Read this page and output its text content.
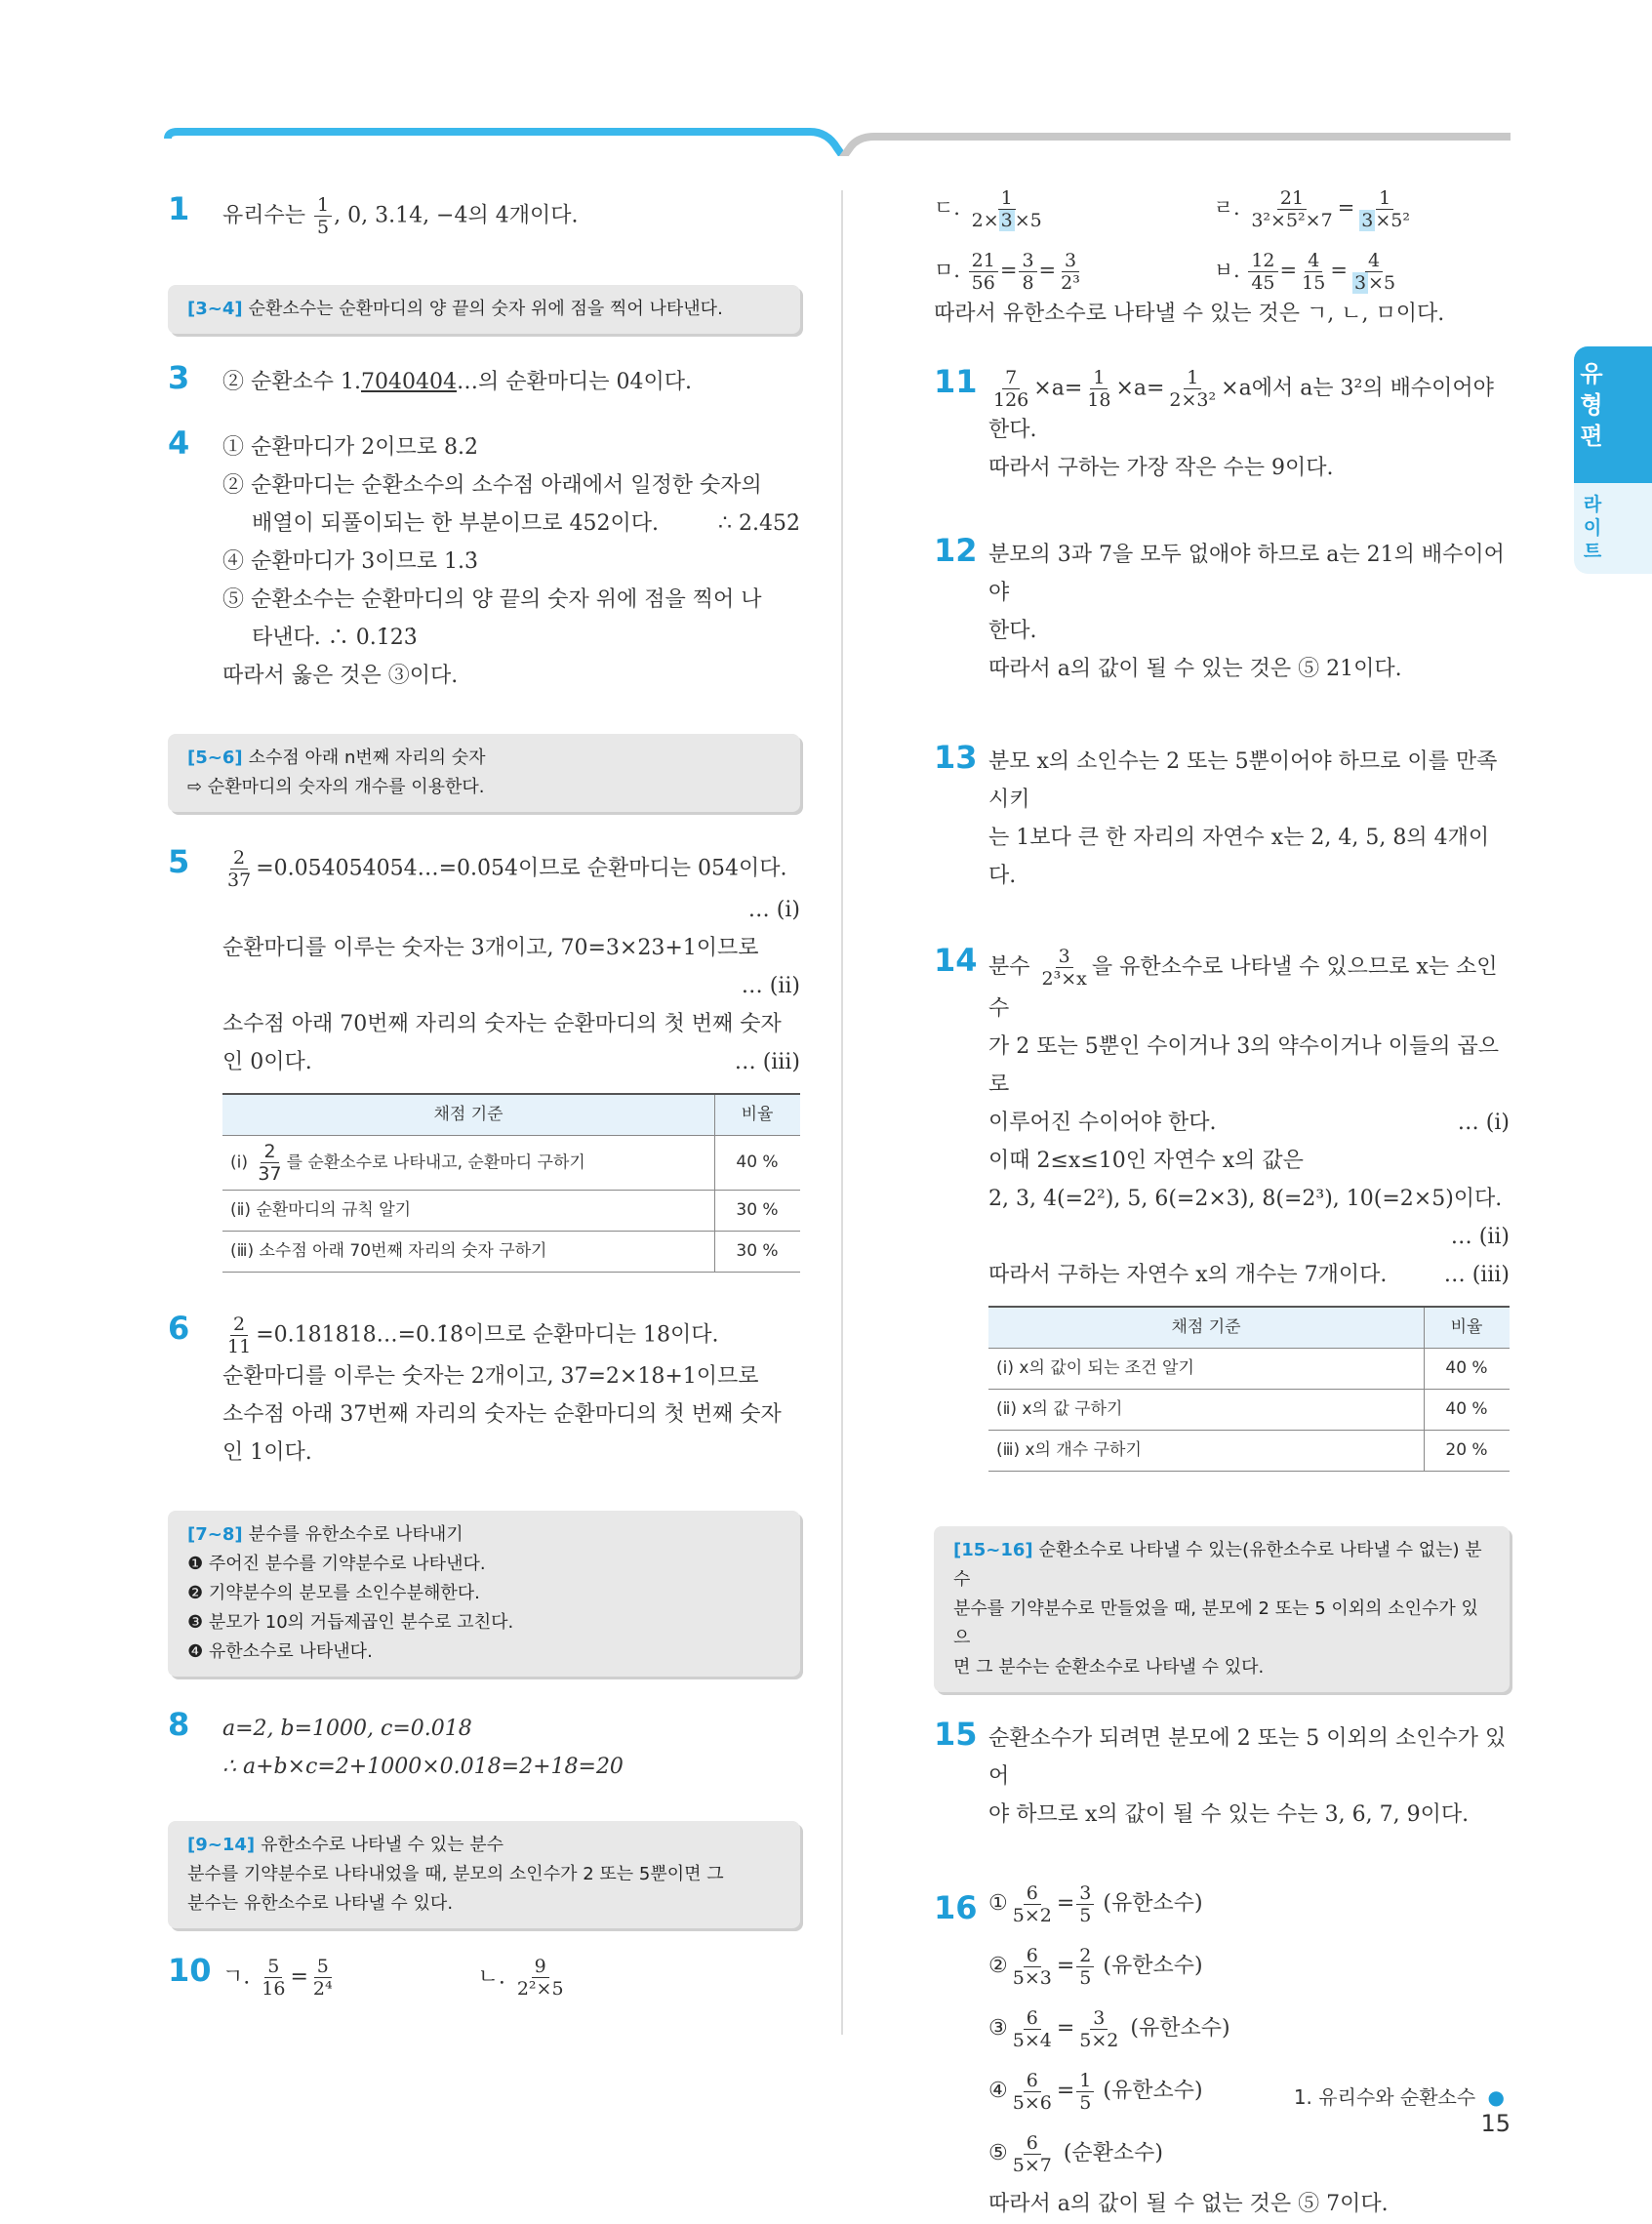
유형편
라이트
1 유리수는 $\frac{1}{5}$ , 0, 3.14, −4의 4개이다.
[3~4] 순환소수는 순환마디의 양 끝의 숫자 위에 점을 찍어 나타낸다.
3 ② 순환소수 1.7040404…의 순환마디는 04이다.
4 ① 순환마디가 2이므로 8.2̇
② 순환마디는 순환소수의 소수점 아래에서 일정한 숫자의
배열이 되풀이되는 한 부분이므로 452이다.	∴ 2.4̇52̇
④ 순환마디가 3이므로 1.3̇
⑤ 순환소수는 순환마디의 양 끝의 숫자 위에 점을 찍어 나
타낸다. ∴ 0.1̇23̇
따라서 옳은 것은 ③이다.
[5~6] 소수점 아래 n번째 자리의 숫자
⇨ 순환마디의 숫자의 개수를 이용한다.
$5 \frac{2}{37}$ =0.054054054…=0.0̇54̇이므로 순환마디는 054이다.
… (ⅰ)
순환마디를 이루는 숫자는 3개이고, 70=3×23+1이므로
… (ⅱ)
소수점 아래 70번째 자리의 숫자는 순환마디의 첫 번째 숫자
인 0이다.	… (ⅲ)
채점 기준	비율
(ⅰ) $\frac{2}{37}$ 를 순환소수로 나타내고, 순환마디 구하기	40 %
(ⅱ) 순환마디의 규칙 알기	30 %
(ⅲ) 소수점 아래 70번째 자리의 숫자 구하기	30 %
$6 \frac{2}{11}$ =0.181818…=0.1̇8̇이므로 순환마디는 18이다.
순환마디를 이루는 숫자는 2개이고, 37=2×18+1이므로
소수점 아래 37번째 자리의 숫자는 순환마디의 첫 번째 숫자
인 1이다.
[7~8] 분수를 유한소수로 나타내기
❶ 주어진 분수를 기약분수로 나타낸다.
❷ 기약분수의 분모를 소인수분해한다.
❸ 분모가 10의 거듭제곱인 분수로 고친다.
❹ 유한소수로 나타낸다.
8 a=2, b=1000, c=0.018
∴ a+b×c=2+1000×0.018=2+18=20
[9~14] 유한소수로 나타낼 수 있는 분수
분수를 기약분수로 나타내었을 때, 분모의 소인수가 2 또는 5뿐이면 그
분수는 유한소수로 나타낼 수 있다.
10 ㄱ. $\frac{5}{16} = \frac{5}{\text{2⁴}}$	ㄴ. $\frac{9}{\text{2²×5}}$
ㄷ. $\frac{1}{2\times 3 \times 5}$	ㄹ. $\frac{21}{\text{3²×5²×7}} = \frac{1}{\text{3 ×5²}}$
ㅁ. $\frac{21}{56} = \frac{3}{8} = \frac{3}{\text{2³}}$	ㅂ. $\frac{12}{45} = \frac{4}{15} = \frac{4}{3 \times 5}$
따라서 유한소수로 나타낼 수 있는 것은 ㄱ, ㄴ, ㅁ이다.
$11 \frac{7}{126} \times a= \frac{1}{18} \times a= \frac{1}{\text{2×3²}} \times a$에서 a는 3²의 배수이어야
한다.
따라서 구하는 가장 작은 수는 9이다.
12 분모의 3과 7을 모두 없애야 하므로 a는 21의 배수이어야
한다.
따라서 a의 값이 될 수 있는 것은 ⑤ 21이다.
13 분모 x의 소인수는 2 또는 5뿐이어야 하므로 이를 만족시키
는 1보다 큰 한 자리의 자연수 x는 2, 4, 5, 8의 4개이다.
14 분수 $\frac{3}{\text{2³×x}}$ 을 유한소수로 나타낼 수 있으므로 x는 소인수
가 2 또는 5뿐인 수이거나 3의 약수이거나 이들의 곱으로
이루어진 수이어야 한다.	… (ⅰ)
이때 2≤x≤10인 자연수 x의 값은
2, 3, 4(=2²), 5, 6(=2×3), 8(=2³), 10(=2×5)이다.
… (ⅱ)
따라서 구하는 자연수 x의 개수는 7개이다.	… (ⅲ)
채점 기준	비율
(ⅰ) x의 값이 되는 조건 알기	40 %
(ⅱ) x의 값 구하기	40 %
(ⅲ) x의 개수 구하기	20 %
[15~16] 순환소수로 나타낼 수 있는(유한소수로 나타낼 수 없는) 분수
분수를 기약분수로 만들었을 때, 분모에 2 또는 5 이외의 소인수가 있으
면 그 분수는 순환소수로 나타낼 수 있다.
15 순환소수가 되려면 분모에 2 또는 5 이외의 소인수가 있어
야 하므로 x의 값이 될 수 있는 수는 3, 6, 7, 9이다.
16 ① $\frac{6}{5\times 2} = \frac{3}{5}$ (유한소수)
② $\frac{6}{5\times 3} = \frac{2}{5}$ (유한소수)
③ $\frac{6}{5\times 4} = \frac{3}{5\times 2}$ (유한소수)
④ $\frac{6}{5\times 6} = \frac{1}{5}$ (유한소수)
⑤ $\frac{6}{5\times 7}$ (순환소수)
따라서 a의 값이 될 수 없는 것은 ⑤ 7이다.
1. 유리수와 순환소수 ● 15
